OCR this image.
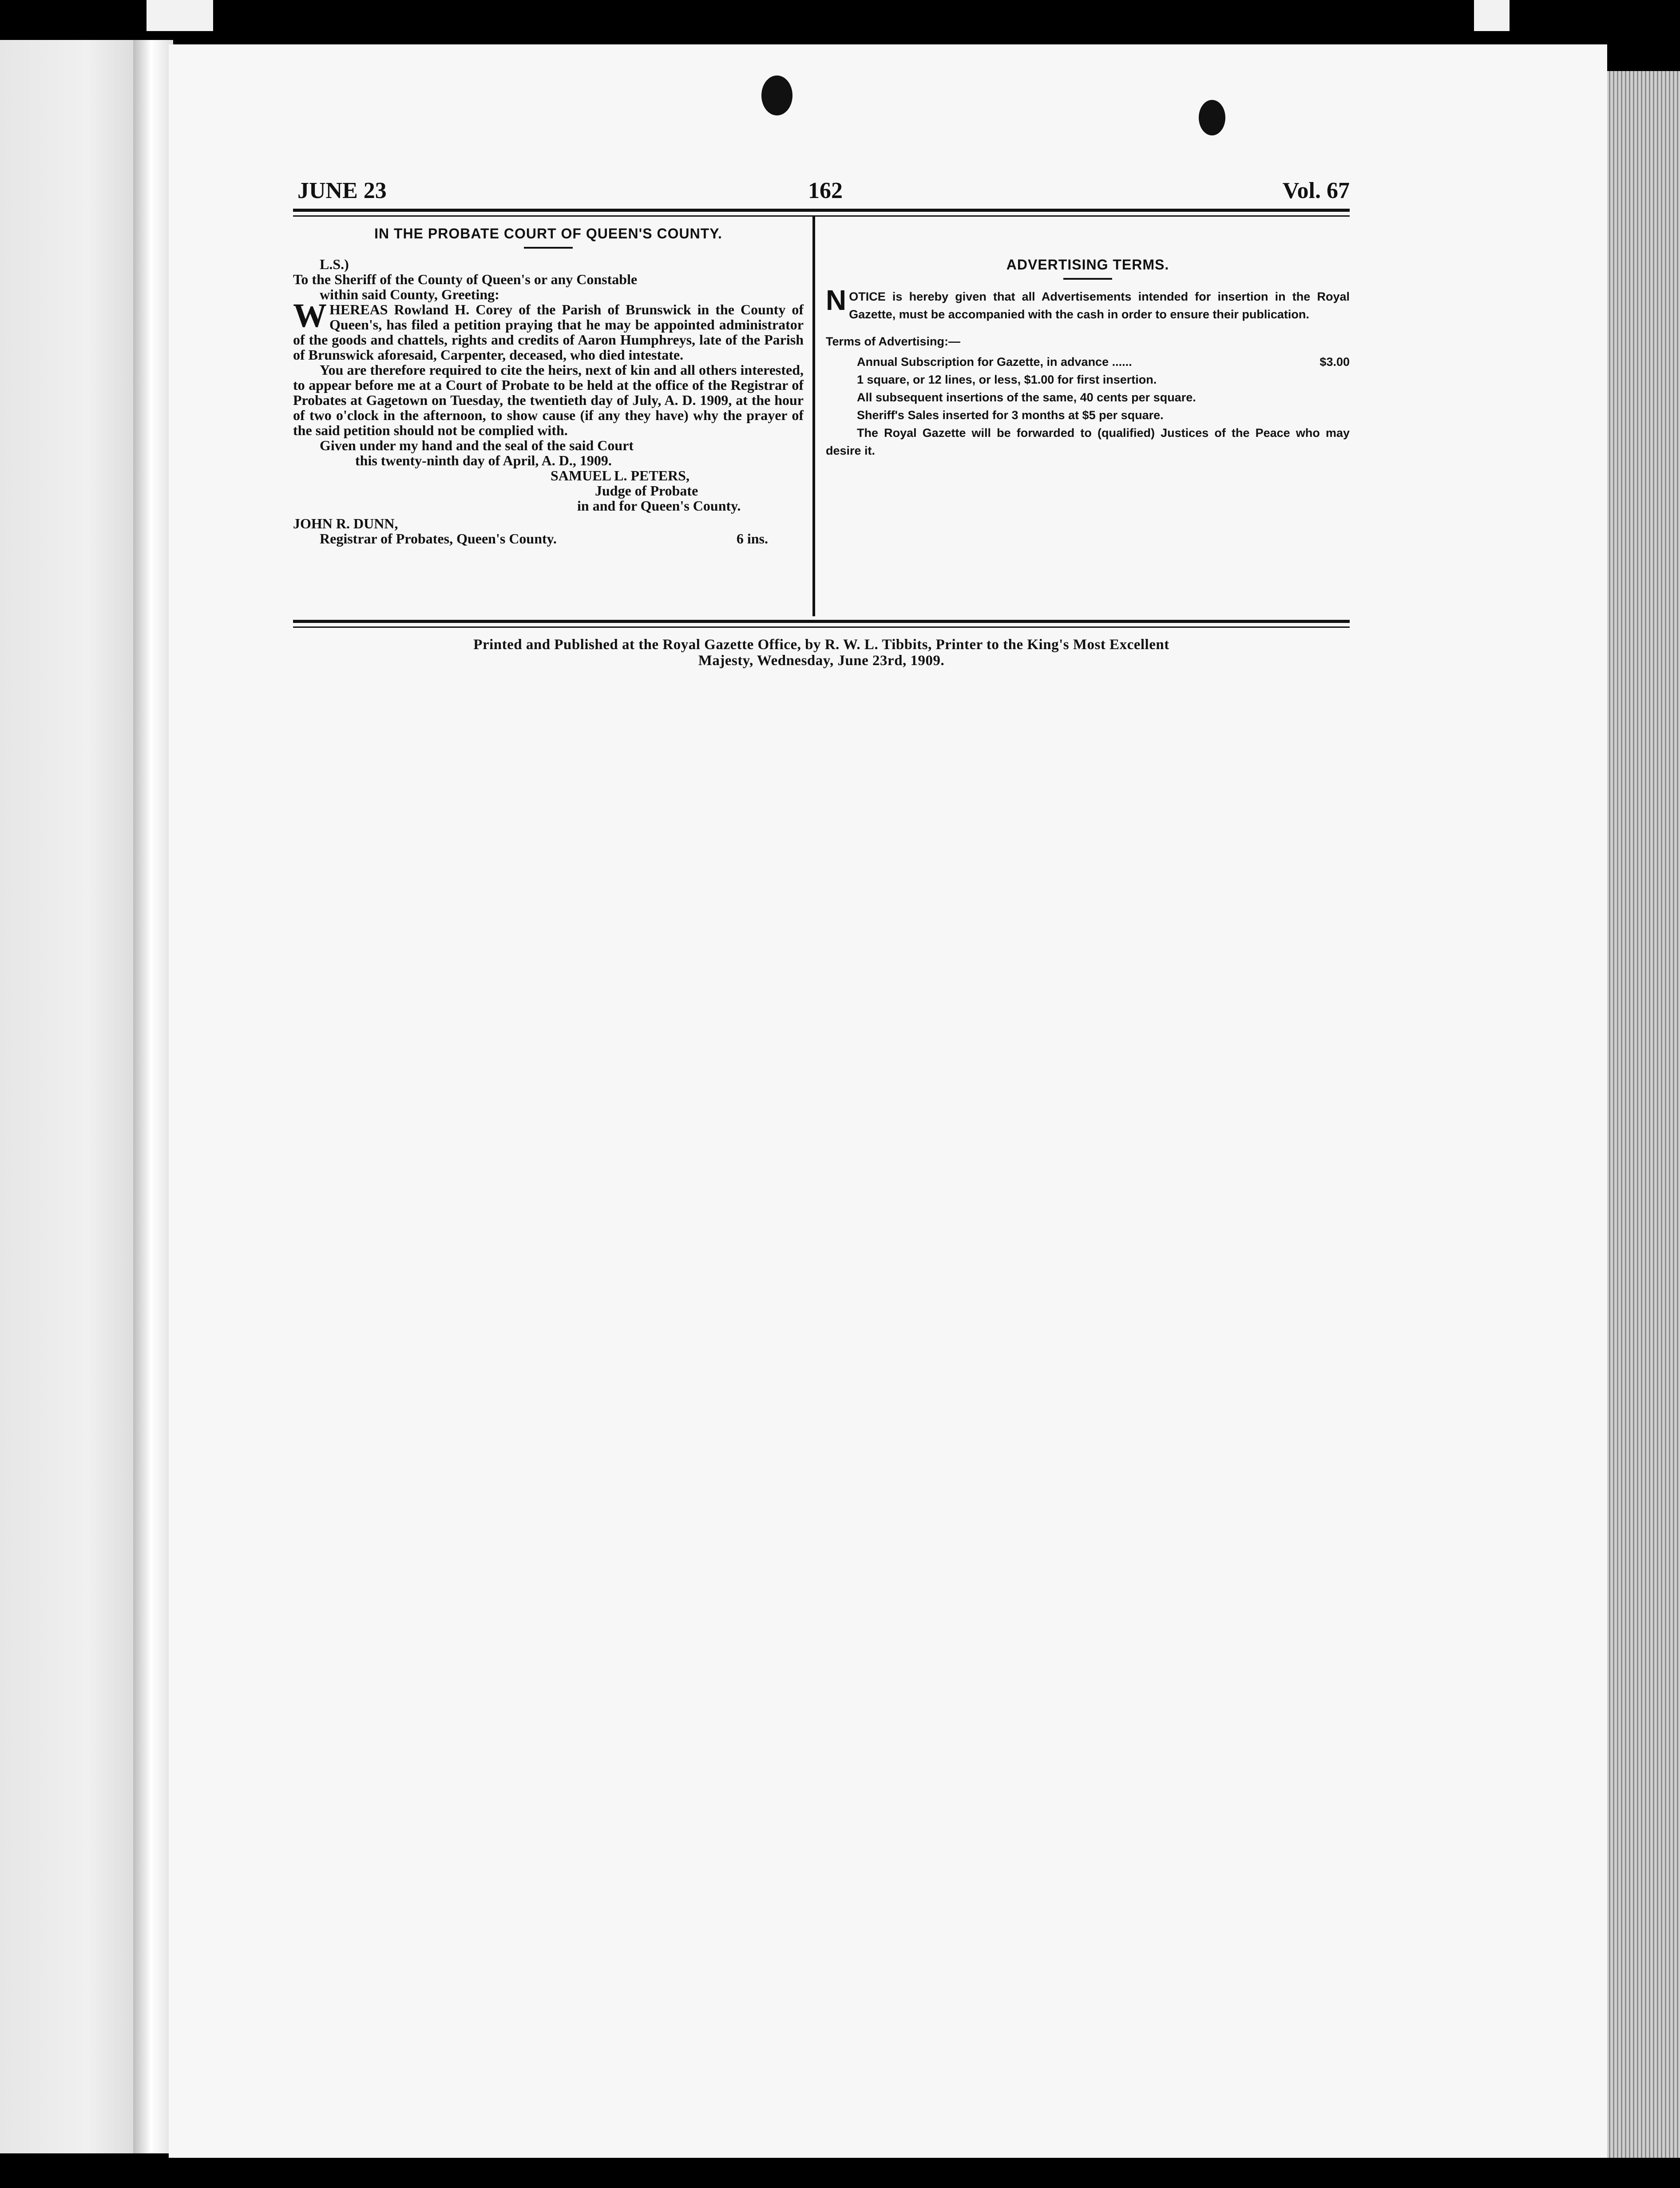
JUNE 23	162	Vol. 67

IN THE PROBATE COURT OF QUEEN'S COUNTY.

L.S.)

To the Sheriff of the County of Queen's or any Constable

within said County, Greeting:

W HEREAS Rowland H. Corey of the Parish of Brunswick in the County of Queen's, has filed a petition praying that he may be appointed administrator of the goods and chattels, rights and credits of Aaron Humphreys, late of the Parish of Brunswick aforesaid, Carpenter, deceased, who died intestate.

You are therefore required to cite the heirs, next of kin and all others interested, to appear before me at a Court of Probate to be held at the office of the Registrar of Probates at Gagetown on Tuesday, the twentieth day of July, A. D. 1909, at the hour of two o'clock in the afternoon, to show cause (if any they have) why the prayer of the said petition should not be complied with.

Given under my hand and the seal of the said Court

this twenty-ninth day of April, A. D., 1909.

SAMUEL L. PETERS,

Judge of Probate

in and for Queen's County.

JOHN R. DUNN,

Registrar of Probates, Queen's County.	6 ins.

ADVERTISING TERMS.

N OTICE is hereby given that all Advertisements intended for insertion in the Royal Gazette, must be accompanied with the cash in order to ensure their publication.

Terms of Advertising:—

Annual Subscription for Gazette, in advance ......	$3.00

1 square, or 12 lines, or less, $1.00 for first insertion.

All subsequent insertions of the same, 40 cents per square.

Sheriff's Sales inserted for 3 months at $5 per square.

The Royal Gazette will be forwarded to (qualified) Justices of the Peace who may desire it.

Printed and Published at the Royal Gazette Office, by R. W. L. Tibbits, Printer to the King's Most Excellent
Majesty, Wednesday, June 23rd, 1909.
